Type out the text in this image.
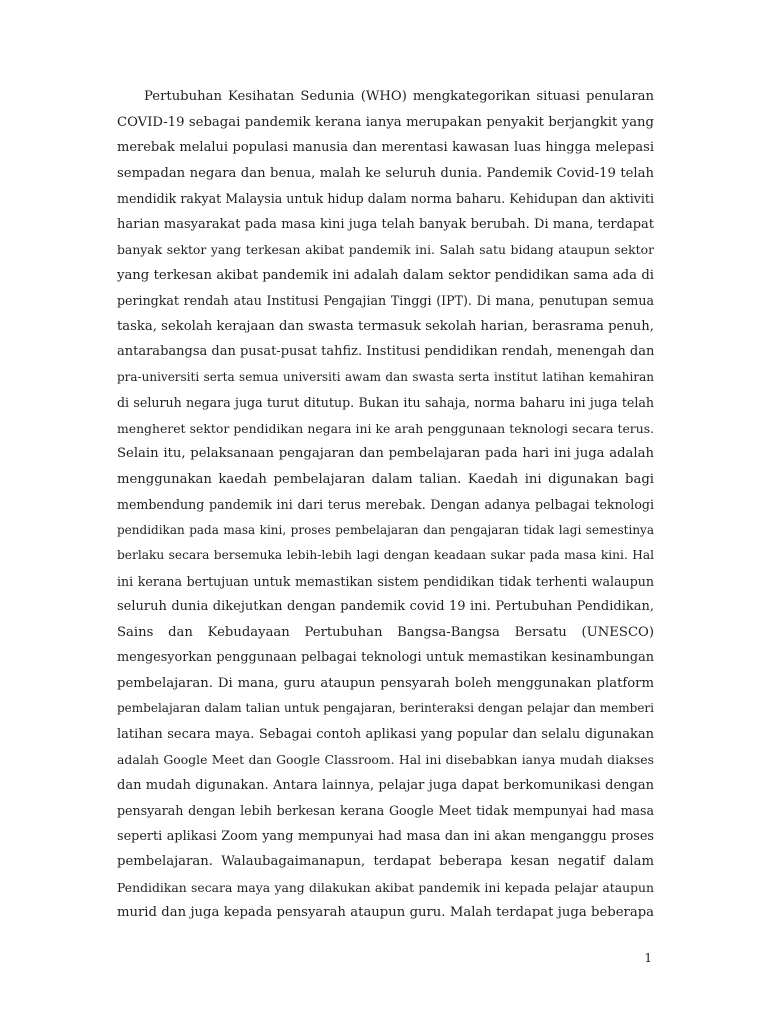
Pertubuhan Kesihatan Sedunia (WHO) mengkategorikan situasi penularan
COVID-19 sebagai pandemik kerana ianya merupakan penyakit berjangkit yang
merebak melalui populasi manusia dan merentasi kawasan luas hingga melepasi
sempadan negara dan benua, malah ke seluruh dunia. Pandemik Covid-19 telah
mendidik rakyat Malaysia untuk hidup dalam norma baharu. Kehidupan dan aktiviti
harian masyarakat pada masa kini juga telah banyak berubah. Di mana, terdapat
banyak sektor yang terkesan akibat pandemik ini. Salah satu bidang ataupun sektor
yang terkesan akibat pandemik ini adalah dalam sektor pendidikan sama ada di
peringkat rendah atau Institusi Pengajian Tinggi (IPT). Di mana, penutupan semua
taska, sekolah kerajaan dan swasta termasuk sekolah harian, berasrama penuh,
antarabangsa dan pusat-pusat tahfiz. Institusi pendidikan rendah, menengah dan
pra-universiti serta semua universiti awam dan swasta serta institut latihan kemahiran
di seluruh negara juga turut ditutup. Bukan itu sahaja, norma baharu ini juga telah
mengheret sektor pendidikan negara ini ke arah penggunaan teknologi secara terus.
Selain itu, pelaksanaan pengajaran dan pembelajaran pada hari ini juga adalah
menggunakan kaedah pembelajaran dalam talian. Kaedah ini digunakan bagi
membendung pandemik ini dari terus merebak. Dengan adanya pelbagai teknologi
pendidikan pada masa kini, proses pembelajaran dan pengajaran tidak lagi semestinya
berlaku secara bersemuka lebih-lebih lagi dengan keadaan sukar pada masa kini. Hal
ini kerana bertujuan untuk memastikan sistem pendidikan tidak terhenti walaupun
seluruh dunia dikejutkan dengan pandemik covid 19 ini. Pertubuhan Pendidikan,
Sains dan Kebudayaan Pertubuhan Bangsa-Bangsa Bersatu (UNESCO)
mengesyorkan penggunaan pelbagai teknologi untuk memastikan kesinambungan
pembelajaran. Di mana, guru ataupun pensyarah boleh menggunakan platform
pembelajaran dalam talian untuk pengajaran, berinteraksi dengan pelajar dan memberi
latihan secara maya. Sebagai contoh aplikasi yang popular dan selalu digunakan
adalah Google Meet dan Google Classroom. Hal ini disebabkan ianya mudah diakses
dan mudah digunakan. Antara lainnya, pelajar juga dapat berkomunikasi dengan
pensyarah dengan lebih berkesan kerana Google Meet tidak mempunyai had masa
seperti aplikasi Zoom yang mempunyai had masa dan ini akan menganggu proses
pembelajaran. Walaubagaimanapun, terdapat beberapa kesan negatif dalam
Pendidikan secara maya yang dilakukan akibat pandemik ini kepada pelajar ataupun
murid dan juga kepada pensyarah ataupun guru. Malah terdapat juga beberapa
1
